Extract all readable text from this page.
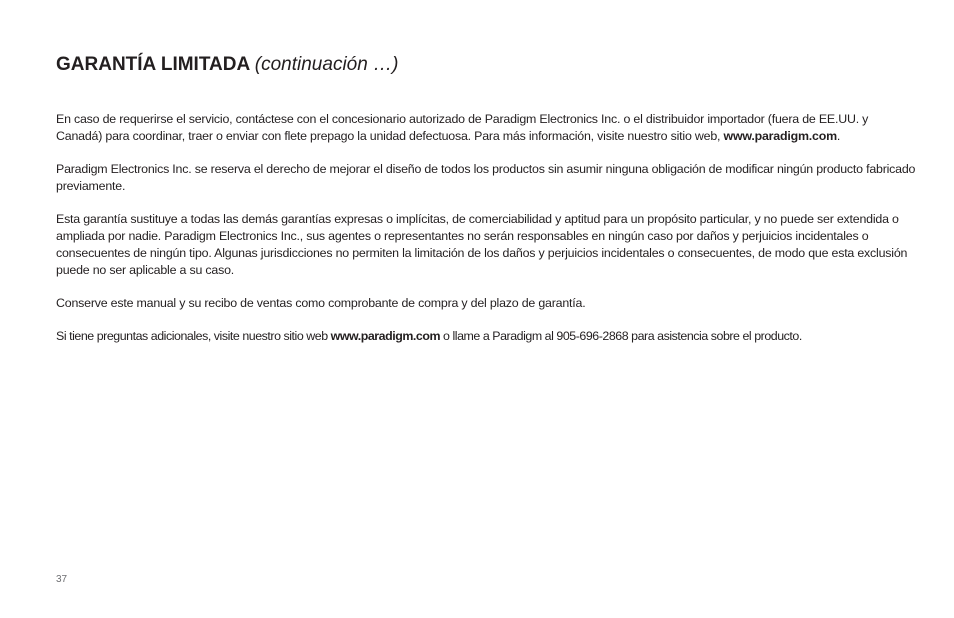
GARANTÍA LIMITADA (continuación …)

En caso de requerirse el servicio, contáctese con el concesionario autorizado de Paradigm Electronics Inc. o el distribuidor importador (fuera de EE.UU. y Canadá) para coordinar, traer o enviar con flete prepago la unidad defectuosa. Para más información, visite nuestro sitio web, www.paradigm.com.

Paradigm Electronics Inc. se reserva el derecho de mejorar el diseño de todos los productos sin asumir ninguna obligación de modificar ningún producto fabricado previamente.

Esta garantía sustituye a todas las demás garantías expresas o implícitas, de comerciabilidad y aptitud para un propósito particular, y no puede ser extendida o ampliada por nadie. Paradigm Electronics Inc., sus agentes o representantes no serán responsables en ningún caso por daños y perjuicios incidentales o consecuentes de ningún tipo. Algunas jurisdicciones no permiten la limitación de los daños y perjuicios incidentales o consecuentes, de modo que esta exclusión puede no ser aplicable a su caso.

Conserve este manual y su recibo de ventas como comprobante de compra y del plazo de garantía.

Si tiene preguntas adicionales, visite nuestro sitio web www.paradigm.com o llame a Paradigm al 905-696-2868 para asistencia sobre el producto.

37
